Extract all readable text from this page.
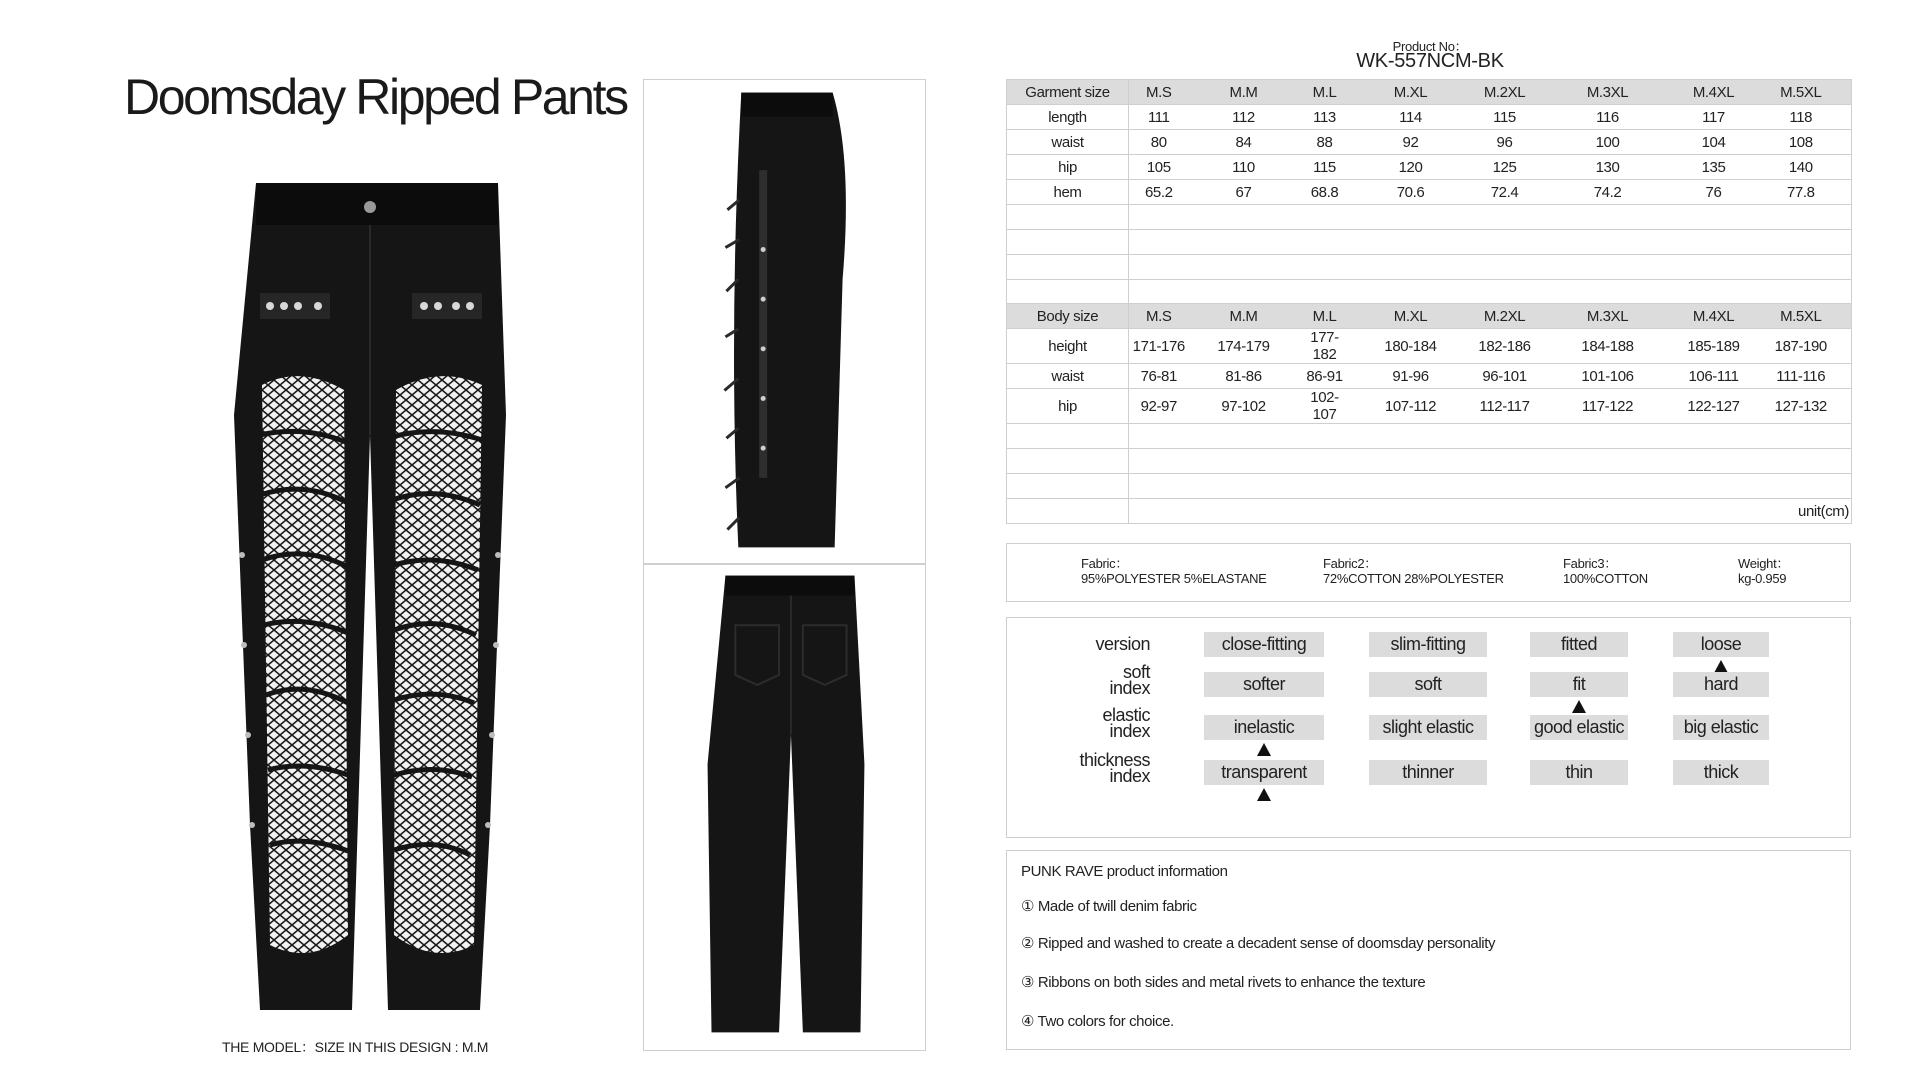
Doomsday Ripped Pants
THE MODEL：SIZE IN THIS DESIGN : M.M
Product No：
WK-557NCM-BK
Garment size	M.S	M.M	M.L	M.XL	M.2XL	M.3XL	M.4XL	M.5XL
length	111	112	113	114	115	116	117	118
waist	80	84	88	92	96	100	104	108
hip	105	110	115	120	125	130	135	140
hem	65.2	67	68.8	70.6	72.4	74.2	76	77.8

Body size	M.S	M.M	M.L	M.XL	M.2XL	M.3XL	M.4XL	M.5XL
height	171-176	174-179	177-182	180-184	182-186	184-188	185-189	187-190
waist	76-81	81-86	86-91	91-96	96-101	101-106	106-111	111-116
hip	92-97	97-102	102-107	107-112	112-117	117-122	122-127	127-132

	unit(cm)							
Fabric：
95%POLYESTER 5%ELASTANE
Fabric2：
72%COTTON 28%POLYESTER
Fabric3：
100%COTTON
Weight：
kg-0.959
version	close-fitting	slim-fitting	fitted	loose
soft
index	softer	soft	fit	hard
elastic
index	inelastic	slight elastic	good elastic	big elastic
thickness
index	transparent	thinner	thin	thick
PUNK RAVE product information
① Made of twill denim fabric
② Ripped and washed to create a decadent sense of doomsday personality
③ Ribbons on both sides and metal rivets to enhance the texture
④ Two colors for choice.
